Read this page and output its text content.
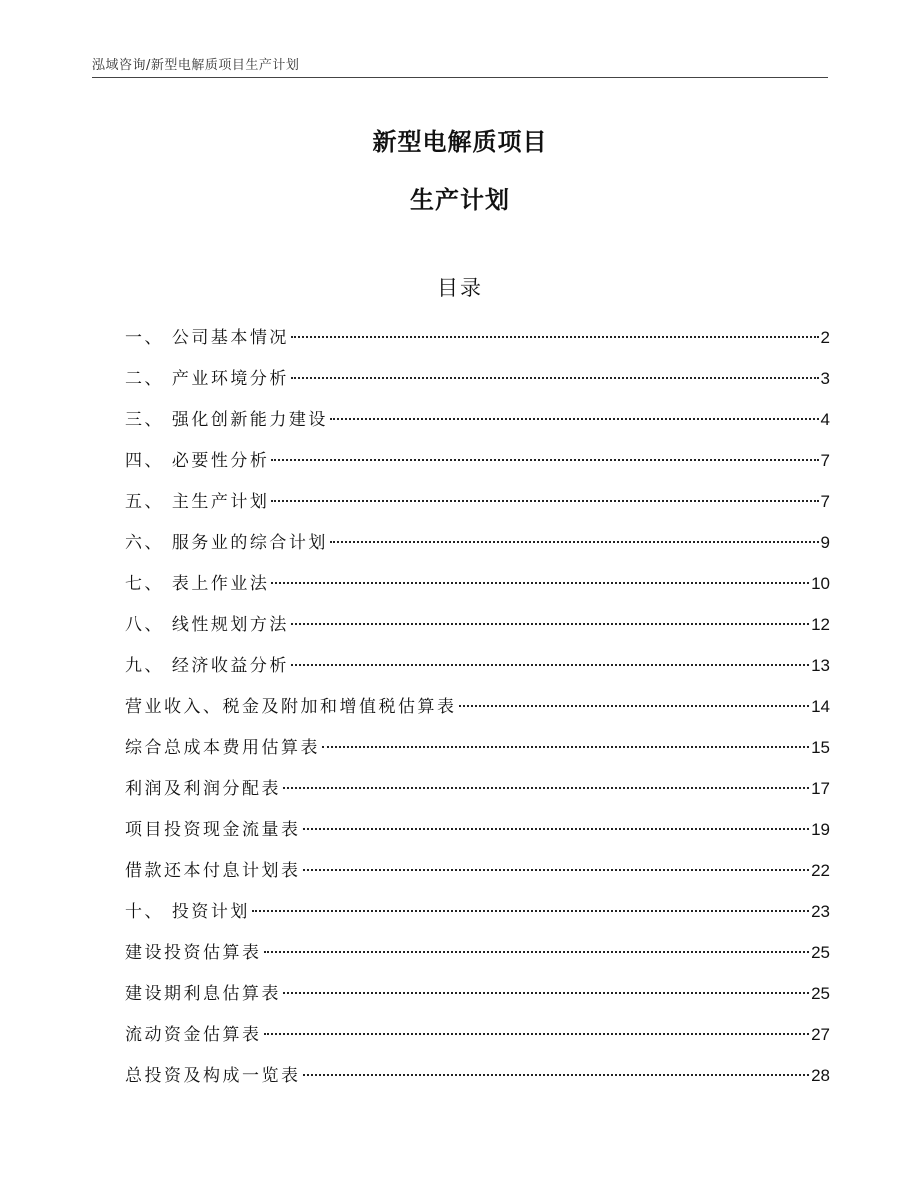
泓域咨询/新型电解质项目生产计划
新型电解质项目
生产计划
目录
一、 公司基本情况	2
二、 产业环境分析	3
三、 强化创新能力建设	4
四、 必要性分析	7
五、 主生产计划	7
六、 服务业的综合计划	9
七、 表上作业法	10
八、 线性规划方法	12
九、 经济收益分析	13
营业收入、税金及附加和增值税估算表	14
综合总成本费用估算表	15
利润及利润分配表	17
项目投资现金流量表	19
借款还本付息计划表	22
十、 投资计划	23
建设投资估算表	25
建设期利息估算表	25
流动资金估算表	27
总投资及构成一览表	28
